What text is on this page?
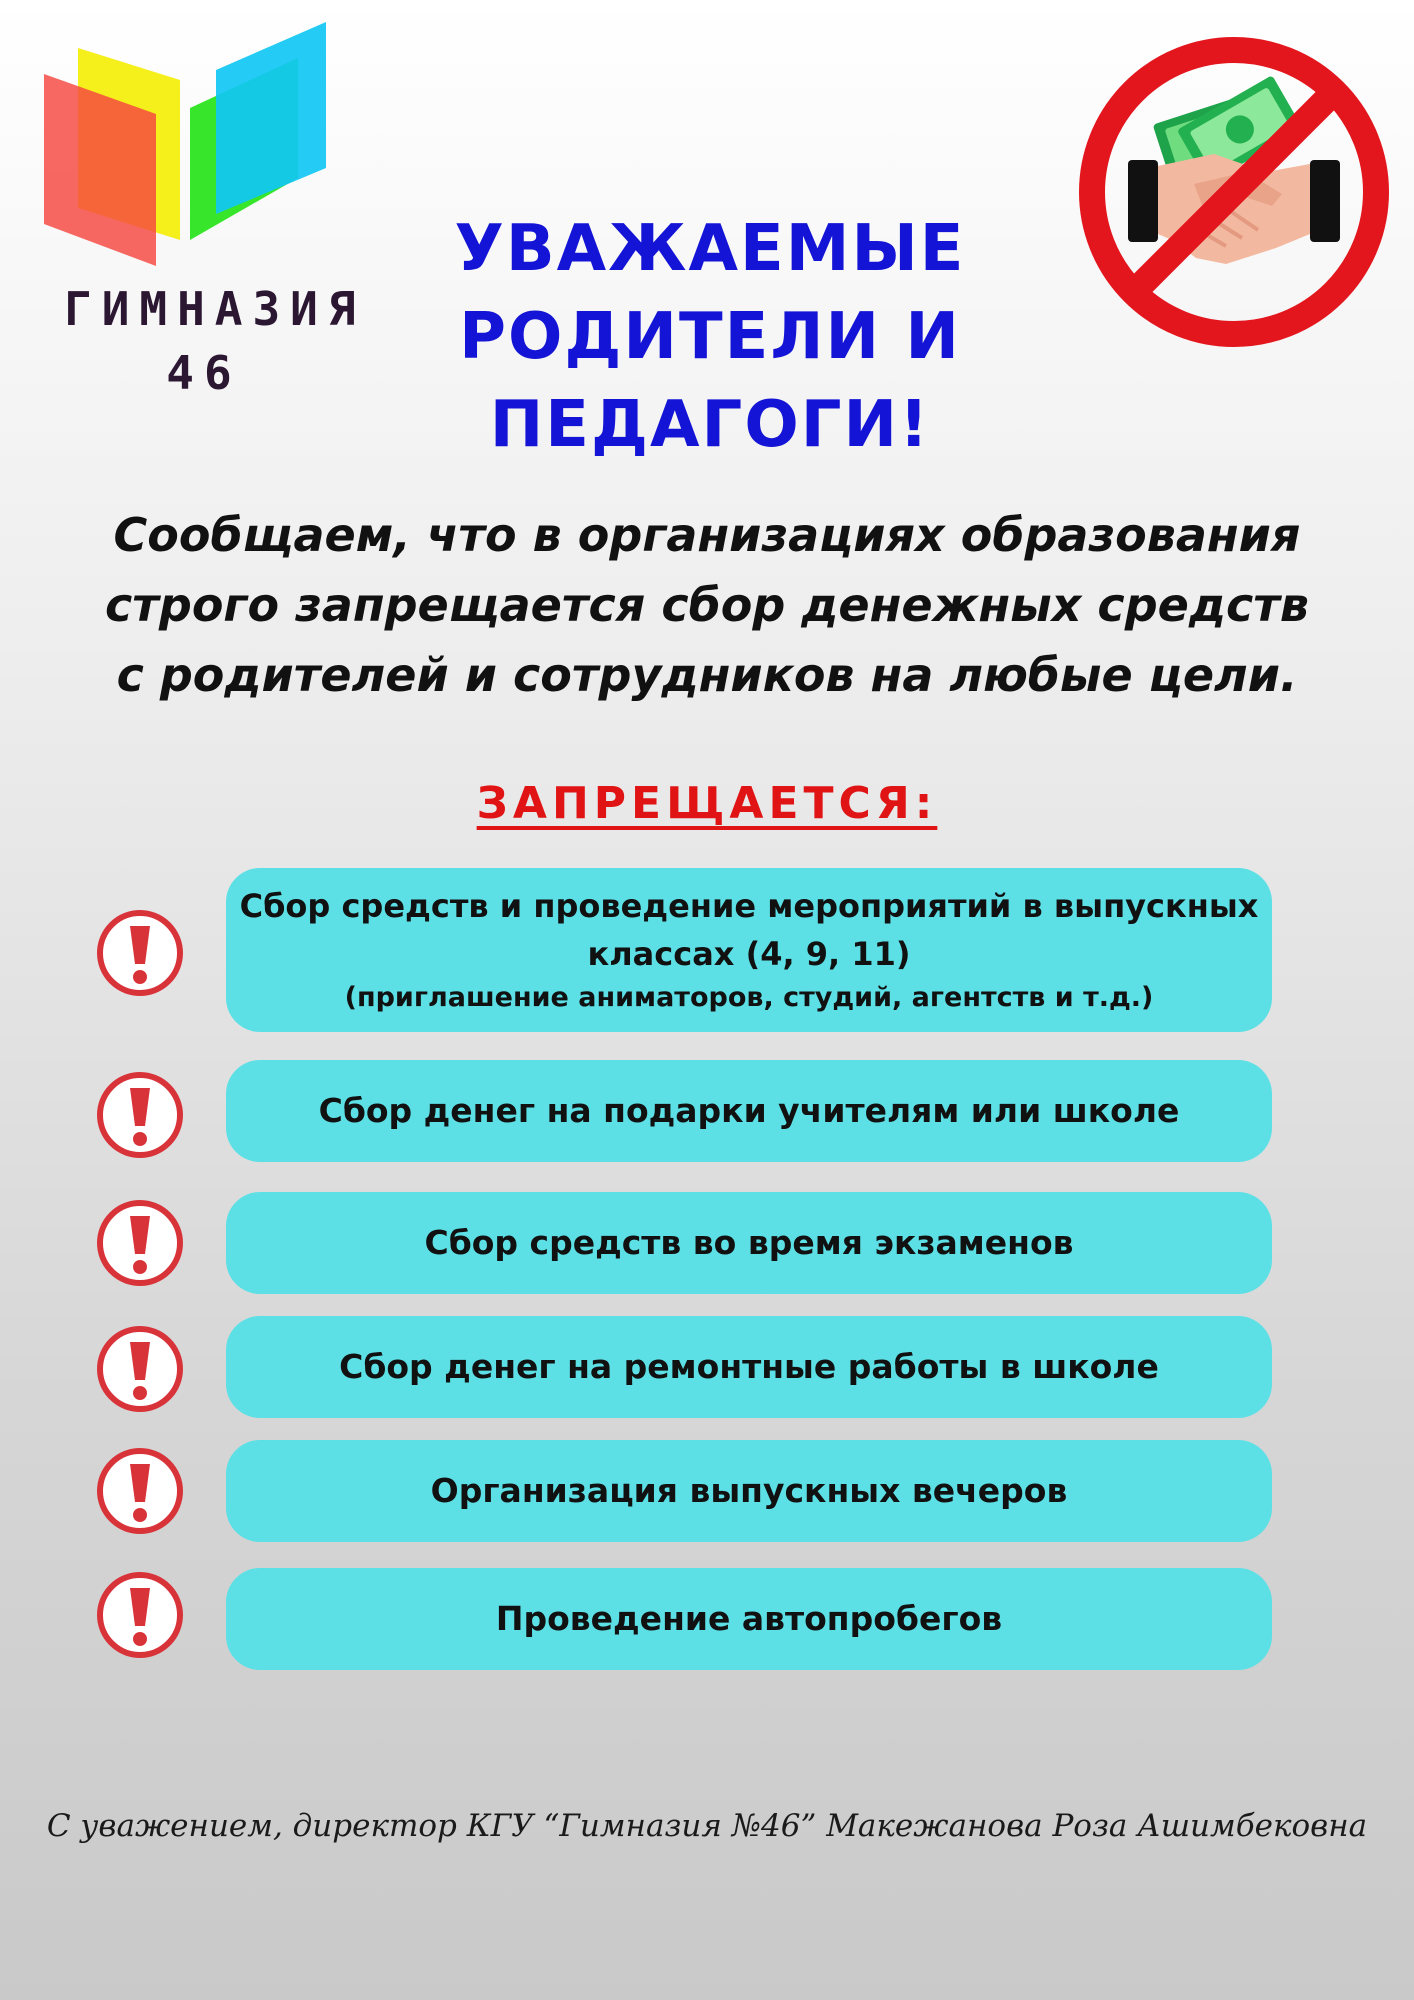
ГИМНАЗИЯ
46
УВАЖАЕМЫЕ
РОДИТЕЛИ И
ПЕДАГОГИ!
Сообщаем, что в организациях образования
строго запрещается сбор денежных средств
с родителей и сотрудников на любые цели.
ЗАПРЕЩАЕТСЯ:
Сбор средств и проведение мероприятий в выпускных
классах (4, 9, 11)
(приглашение аниматоров, студий, агентств и т.д.)
Сбор денег на подарки учителям или школе
Сбор средств во время экзаменов
Сбор денег на ремонтные работы в школе
Организация выпускных вечеров
Проведение автопробегов
С уважением, директор КГУ “Гимназия №46” Макежанова Роза Ашимбековна
